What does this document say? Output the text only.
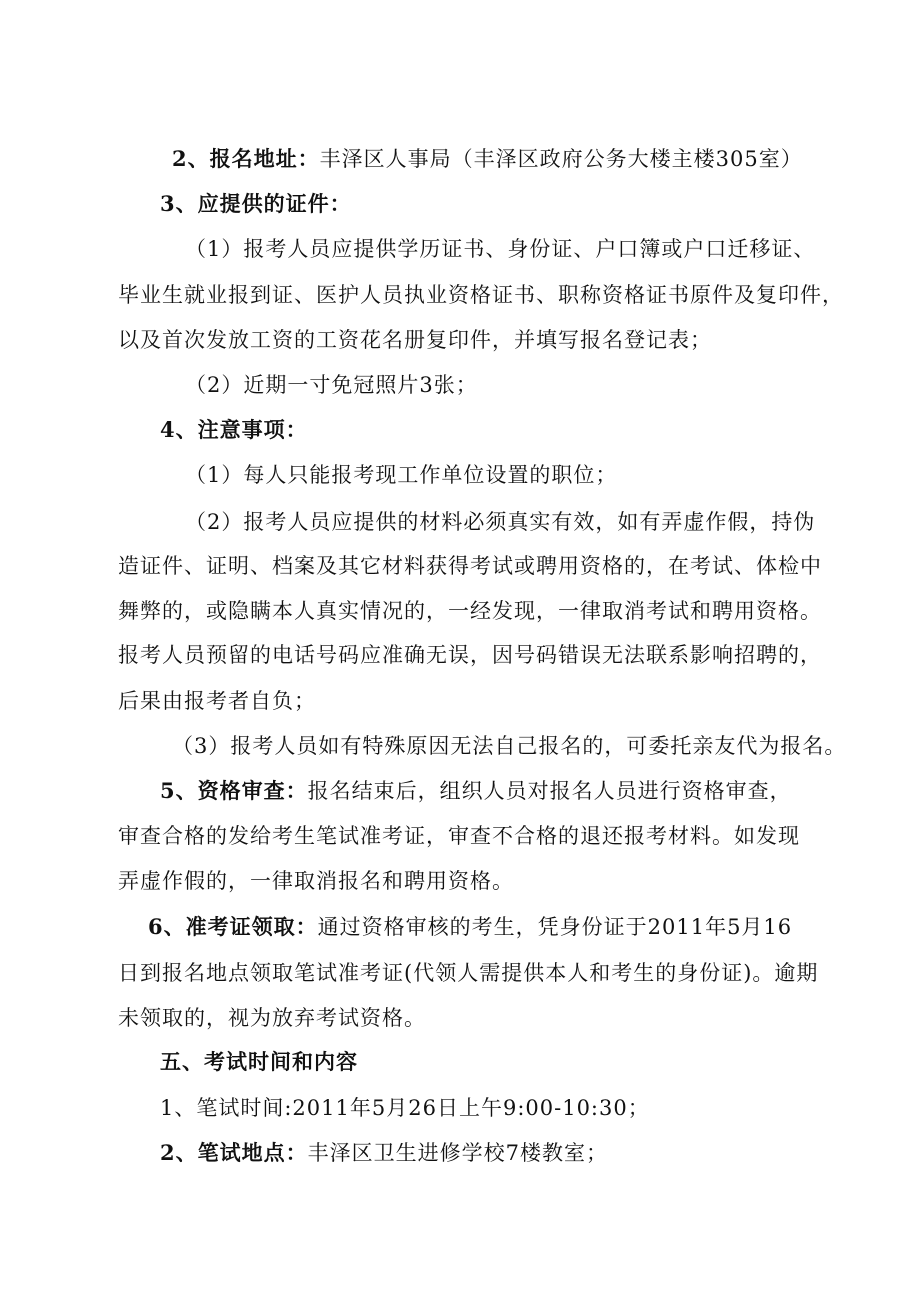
2、报名地址：丰泽区人事局（丰泽区政府公务大楼主楼305室）
3、应提供的证件：
（1）报考人员应提供学历证书、身份证、户口簿或户口迁移证、
毕业生就业报到证、医护人员执业资格证书、职称资格证书原件及复印件，
以及首次发放工资的工资花名册复印件，并填写报名登记表；
（2）近期一寸免冠照片3张；
4、注意事项：
（1）每人只能报考现工作单位设置的职位；
（2）报考人员应提供的材料必须真实有效，如有弄虚作假，持伪
造证件、证明、档案及其它材料获得考试或聘用资格的，在考试、体检中
舞弊的，或隐瞒本人真实情况的，一经发现，一律取消考试和聘用资格。
报考人员预留的电话号码应准确无误，因号码错误无法联系影响招聘的，
后果由报考者自负；
（3）报考人员如有特殊原因无法自己报名的，可委托亲友代为报名。
5、资格审查：报名结束后，组织人员对报名人员进行资格审查，
审查合格的发给考生笔试准考证，审查不合格的退还报考材料。如发现
弄虚作假的，一律取消报名和聘用资格。
6、准考证领取：通过资格审核的考生，凭身份证于2011年5月16
日到报名地点领取笔试准考证(代领人需提供本人和考生的身份证)。逾期
未领取的，视为放弃考试资格。
五、考试时间和内容
1、笔试时间:2011年5月26日上午9:00-10:30；
2、笔试地点：丰泽区卫生进修学校7楼教室；
